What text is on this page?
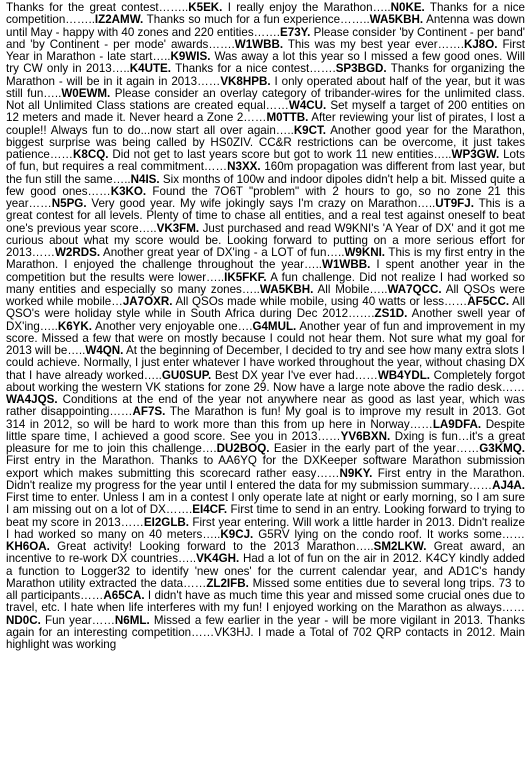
Thanks for the great contest……..K5EK. I really enjoy the Marathon…..N0KE. Thanks for a nice competition……..IZ2AMW. Thanks so much for a fun experience……..WA5KBH. Antenna was down until May - happy with 40 zones and 220 entities…….E73Y. Please consider 'by Continent - per band' and 'by Continent - per mode' awards…….W1WBB. This was my best year ever…….KJ8O. First Year in Marathon - late start…..K9WIS. Was away a lot this year so I missed a few good ones. Will try CW only in 2013…..K4UTE. Thanks for a nice contest…….SP3BGD. Thanks for organizing the Marathon - will be in it again in 2013……VK8HPB. I only operated about half of the year, but it was still fun…..W0EWM. Please consider an overlay category of tribander-wires for the unlimited class. Not all Unlimited Class stations are created equal……W4CU. Set myself a target of 200 entities on 12 meters and made it. Never heard a Zone 2……M0TTB. After reviewing your list of pirates, I lost a couple!! Always fun to do...now start all over again…..K9CT. Another good year for the Marathon, biggest surprise was being called by HS0ZIV. CC&R restrictions can be overcome, it just takes patience……K8CQ. Did not get to last years score but got to work 11 new entities…..WP3GW. Lots of fun, but requires a real commitment……N3XX. 160m propagation was different from last year, but the fun still the same…..N4IS. Six months of 100w and indoor dipoles didn't help a bit. Missed quite a few good ones……K3KO. Found the 7O6T "problem" with 2 hours to go, so no zone 21 this year……N5PG. Very good year. My wife jokingly says I'm crazy on Marathon…..UT9FJ. This is a great contest for all levels. Plenty of time to chase all entities, and a real test against oneself to beat one's previous year score…..VK3FM. Just purchased and read W9KNI's 'A Year of DX' and it got me curious about what my score would be. Looking forward to putting on a more serious effort for 2013……W2RDS. Another great year of DX'ing - a LOT of fun…..W9KNI. This is my first entry in the Marathon. I enjoyed the challenge throughout the year…..W1WBB. I spent another year in the competition but the results were lower…..IK5FKF. A fun challenge. Did not realize I had worked so many entities and especially so many zones…..WA5KBH. All Mobile…..WA7QCC. All QSOs were worked while mobile…JA7OXR. All QSOs made while mobile, using 40 watts or less……AF5CC. All QSO's were holiday style while in South Africa during Dec 2012…….ZS1D. Another swell year of DX'ing…..K6YK. Another very enjoyable one….G4MUL. Another year of fun and improvement in my score. Missed a few that were on mostly because I could not hear them. Not sure what my goal for 2013 will be…..W4QN. At the beginning of December, I decided to try and see how many extra slots I could achieve. Normally, I just enter whatever I have worked throughout the year, without chasing DX that I have already worked…..GU0SUP. Best DX year I've ever had……WB4YDL. Completely forgot about working the western VK stations for zone 29. Now have a large note above the radio desk……WA4JQS. Conditions at the end of the year not anywhere near as good as last year, which was rather disappointing……AF7S. The Marathon is fun! My goal is to improve my result in 2013. Got 314 in 2012, so will be hard to work more than this from up here in Norway……LA9DFA. Despite little spare time, I achieved a good score. See you in 2013……YV6BXN. Dxing is fun…it's a great pleasure for me to join this challenge….DU2BOQ. Easier in the early part of the year……G3KMQ. First entry in the Marathon. Thanks to AA6YQ for the DXKeeper software Marathon submission export which makes submitting this scorecard rather easy……N9KY. First entry in the Marathon. Didn't realize my progress for the year until I entered the data for my submission summary……AJ4A. First time to enter. Unless I am in a contest I only operate late at night or early morning, so I am sure I am missing out on a lot of DX…….EI4CF. First time to send in an entry. Looking forward to trying to beat my score in 2013……EI2GLB. First year entering. Will work a little harder in 2013. Didn't realize I had worked so many on 40 meters…..K9CJ. G5RV lying on the condo roof. It works some……KH6OA. Great activity! Looking forward to the 2013 Marathon…..SM2LKW. Great award, an incentive to re-work DX countries…..VK4GH. Had a lot of fun on the air in 2012. K4CY kindly added a function to Logger32 to identify 'new ones' for the current calendar year, and AD1C's handy Marathon utility extracted the data……ZL2IFB. Missed some entities due to several long trips. 73 to all participants……A65CA. I didn't have as much time this year and missed some crucial ones due to travel, etc. I hate when life interferes with my fun! I enjoyed working on the Marathon as always……ND0C. Fun year……N6ML. Missed a few earlier in the year - will be more vigilant in 2013. Thanks again for an interesting competition……VK3HJ. I made a Total of 702 QRP contacts in 2012. Main highlight was working
